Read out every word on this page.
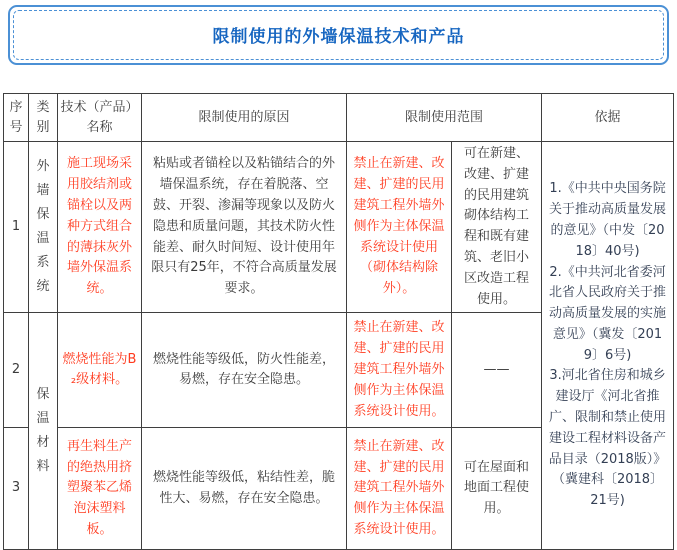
限制使用的外墙保温技术和产品
序号	类别	技术（产品）名称	限制使用的原因	限制使用范围		依据
1	外墙保温系统	施工现场采用胶结剂或锚栓以及两种方式组合的薄抹灰外墙外保温系统。	粘贴或者锚栓以及粘锚结合的外墙保温系统，存在着脱落、空鼓、开裂、渗漏等现象以及防火隐患和质量问题，其技术防火性能差、耐久时间短、设计使用年限只有25年，不符合高质量发展要求。	禁止在新建、改建、扩建的民用建筑工程外墙外侧作为主体保温系统设计使用（砌体结构除外）。	可在新建、改建、扩建的民用建筑砌体结构工程和既有建筑、老旧小区改造工程使用。	1.《中共中央国务院关于推动高质量发展的意见》（中发〔2018〕40号)
2.《中共河北省委河北省人民政府关于推动高质量发展的实施意见》（冀发〔2019〕6号)
3.河北省住房和城乡建设厅《河北省推广、限制和禁止使用建设工程材料设备产品目录（2018版）》（冀建科〔2018〕21号)

2	保温材料	燃烧性能为B₂级材料。	燃烧性能等级低，防火性能差，易燃，存在安全隐患。	禁止在新建、改建、扩建的民用建筑工程外墙外侧作为主体保温系统设计使用。	——	
3		再生料生产的绝热用挤塑聚苯乙烯泡沫塑料板。	燃烧性能等级低，粘结性差，脆性大、易燃，存在安全隐患。	禁止在新建、改建、扩建的民用建筑工程外墙外侧作为主体保温系统设计使用。	可在屋面和地面工程使用。	
